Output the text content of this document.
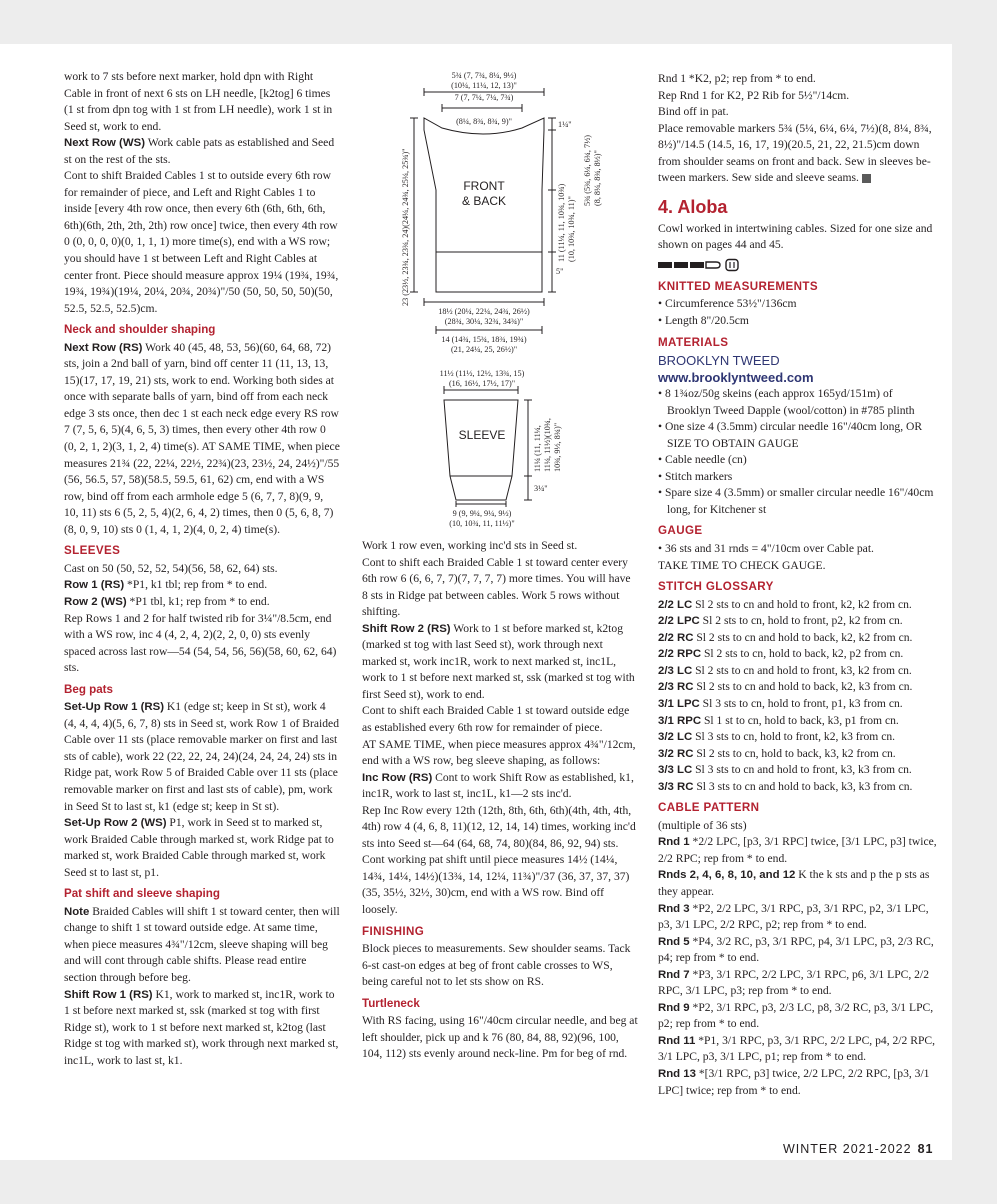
work to 7 sts before next marker, hold dpn with Right Cable in front of next 6 sts on LH needle, [k2tog] 6 times (1 st from dpn tog with 1 st from LH needle), work 1 st in Seed st, work to end.

Next Row (WS) Work cable pats as established and Seed st on the rest of the sts.

Cont to shift Braided Cables 1 st to outside every 6th row for remainder of piece, and Left and Right Cables 1 to inside [every 4th row once, then every 6th (6th, 6th, 6th, 6th)(6th, 2th, 2th, 2th) row once] twice, then every 4th row 0 (0, 0, 0, 0)(0, 1, 1, 1) more time(s), end with a WS row; you should have 1 st between Left and Right Cables at center front. Piece should measure approx 19¼ (19¾, 19¾, 19¾, 19¾)(19¼, 20¼, 20¾, 20¾)"/50 (50, 50, 50, 50)(50, 52.5, 52.5, 52.5)cm.

Neck and shoulder shaping

Next Row (RS) Work 40 (45, 48, 53, 56)(60, 64, 68, 72) sts, join a 2nd ball of yarn, bind off center 11 (11, 13, 13, 15)(17, 17, 19, 21) sts, work to end. Working both sides at once with separate balls of yarn, bind off from each neck edge 3 sts once, then dec 1 st each neck edge every RS row 7 (7, 5, 6, 5)(4, 6, 5, 3) times, then every other 4th row 0 (0, 2, 1, 2)(3, 1, 2, 4) time(s). AT SAME TIME, when piece measures 21¾ (22, 22¼, 22½, 22¾)(23, 23½, 24, 24½)"/55 (56, 56.5, 57, 58)(58.5, 59.5, 61, 62) cm, end with a WS row, bind off from each armhole edge 5 (6, 7, 7, 8)(9, 9, 10, 11) sts 6 (5, 2, 5, 4)(2, 6, 4, 2) times, then 0 (5, 6, 8, 7)(8, 0, 9, 10) sts 0 (1, 4, 1, 2)(4, 0, 2, 4) time(s).

SLEEVES

Cast on 50 (50, 52, 52, 54)(56, 58, 62, 64) sts.

Row 1 (RS) *P1, k1 tbl; rep from * to end.

Row 2 (WS) *P1 tbl, k1; rep from * to end.

Rep Rows 1 and 2 for half twisted rib for 3¼"/8.5cm, end with a WS row, inc 4 (4, 2, 4, 2)(2, 2, 0, 0) sts evenly spaced across last row—54 (54, 54, 56, 56)(58, 60, 62, 64) sts.

Beg pats

Set-Up Row 1 (RS) K1 (edge st; keep in St st), work 4 (4, 4, 4, 4)(5, 6, 7, 8) sts in Seed st, work Row 1 of Braided Cable over 11 sts (place removable marker on first and last sts of cable), work 22 (22, 22, 24, 24)(24, 24, 24, 24) sts in Ridge pat, work Row 5 of Braided Cable over 11 sts (place removable marker on first and last sts of cable), pm, work in Seed St to last st, k1 (edge st; keep in St st).

Set-Up Row 2 (WS) P1, work in Seed st to marked st, work Braided Cable through marked st, work Ridge pat to marked st, work Braided Cable through marked st, work Seed st to last st, p1.

Pat shift and sleeve shaping

Note Braided Cables will shift 1 st toward center, then will change to shift 1 st toward outside edge. At same time, when piece measures 4¾"/12cm, sleeve shaping will beg and will cont through cable shifts. Please read entire section through before beg.

Shift Row 1 (RS) K1, work to marked st, inc1R, work to 1 st before next marked st, ssk (marked st tog with first Ridge st), work to 1 st before next marked st, k2tog (last Ridge st tog with marked st), work through next marked st, inc1L, work to last st, k1.

5¾ (7, 7¾, 8¼, 9½)
(10¼, 11¼, 12, 13)"
7 (7, 7¼, 7¼, 7¾)
(8¼, 8¾, 8¾, 9)"
23 (23½, 23¾, 23¾, 24)(24¼, 24¾, 25¼, 25¾)"
1¼"
5¾ (5¾, 6¼, 6¾, 7½) (8, 8¼, 8¾, 8½)"
11 (11¼, 11, 10¾, 10¾) (10, 10¾, 10¾, 11)"
5"
FRONT
& BACK
18½ (20¼, 22¼, 24¾, 26½)
(28¾, 30¼, 32¾, 34¾)"
14 (14¾, 15¾, 18¾, 19¾)
(21, 24¼, 25, 26½)"
11½ (11½, 12½, 13¾, 15)
(16, 16½, 17½, 17)"
SLEEVE	11¼ (11, 11¼, 11¼, 11½)(10¾, 10¾, 9½, 8¾)"
3¼"
9 (9, 9¼, 9¼, 9½)
(10, 10¾, 11, 11½)"

Work 1 row even, working inc'd sts in Seed st.

Cont to shift each Braided Cable 1 st toward center every 6th row 6 (6, 6, 7, 7)(7, 7, 7, 7) more times. You will have 8 sts in Ridge pat between cables. Work 5 rows without shifting.

Shift Row 2 (RS) Work to 1 st before marked st, k2tog (marked st tog with last Seed st), work through next marked st, work inc1R, work to next marked st, inc1L, work to 1 st before next marked st, ssk (marked st tog with first Seed st), work to end.

Cont to shift each Braided Cable 1 st toward outside edge as established every 6th row for remainder of piece.

AT SAME TIME, when piece measures approx 4¾"/12cm, end with a WS row, beg sleeve shaping, as follows:

Inc Row (RS) Cont to work Shift Row as established, k1, inc1R, work to last st, inc1L, k1—2 sts inc'd.

Rep Inc Row every 12th (12th, 8th, 6th, 6th)(4th, 4th, 4th, 4th) row 4 (4, 6, 8, 11)(12, 12, 14, 14) times, working inc'd sts into Seed st—64 (64, 68, 74, 80)(84, 86, 92, 94) sts.

Cont working pat shift until piece measures 14½ (14¼, 14¾, 14¼, 14½)(13¾, 14, 12¼, 11¾)"/37 (36, 37, 37, 37)(35, 35½, 32½, 30)cm, end with a WS row. Bind off loosely.

FINISHING

Block pieces to measurements. Sew shoulder seams. Tack 6-st cast-on edges at beg of front cable crosses to WS, being careful not to let sts show on RS.

Turtleneck

With RS facing, using 16"/40cm circular needle, and beg at left shoulder, pick up and k 76 (80, 84, 88, 92)(96, 100, 104, 112) sts evenly around neck-line. Pm for beg of rnd.

Rnd 1 *K2, p2; rep from * to end.

Rep Rnd 1 for K2, P2 Rib for 5½"/14cm.

Bind off in pat.

Place removable markers 5¾ (5¼, 6¼, 6¼, 7½)(8, 8¼, 8¾, 8½)"/14.5 (14.5, 16, 17, 19)(20.5, 21, 22, 21.5)cm down from shoulder seams on front and back. Sew in sleeves be-tween markers. Sew side and sleeve seams.

4. Aloba

Cowl worked in intertwining cables. Sized for one size and shown on pages 44 and 45.

KNITTED MEASUREMENTS

• Circumference 53½"/136cm

• Length 8"/20.5cm

MATERIALS

BROOKLYN TWEED

www.brooklyntweed.com

• 8 1¾oz/50g skeins (each approx 165yd/151m) of Brooklyn Tweed Dapple (wool/cotton) in #785 plinth

• One size 4 (3.5mm) circular needle 16"/40cm long, OR SIZE TO OBTAIN GAUGE

• Cable needle (cn)

• Stitch markers

• Spare size 4 (3.5mm) or smaller circular needle 16"/40cm long, for Kitchener st

GAUGE

• 36 sts and 31 rnds = 4"/10cm over Cable pat.

TAKE TIME TO CHECK GAUGE.

STITCH GLOSSARY

2/2 LC Sl 2 sts to cn and hold to front, k2, k2 from cn.

2/2 LPC Sl 2 sts to cn, hold to front, p2, k2 from cn.

2/2 RC Sl 2 sts to cn and hold to back, k2, k2 from cn.

2/2 RPC Sl 2 sts to cn, hold to back, k2, p2 from cn.

2/3 LC Sl 2 sts to cn and hold to front, k3, k2 from cn.

2/3 RC Sl 2 sts to cn and hold to back, k2, k3 from cn.

3/1 LPC Sl 3 sts to cn, hold to front, p1, k3 from cn.

3/1 RPC Sl 1 st to cn, hold to back, k3, p1 from cn.

3/2 LC Sl 3 sts to cn, hold to front, k2, k3 from cn.

3/2 RC Sl 2 sts to cn, hold to back, k3, k2 from cn.

3/3 LC Sl 3 sts to cn and hold to front, k3, k3 from cn.

3/3 RC Sl 3 sts to cn and hold to back, k3, k3 from cn.

CABLE PATTERN

(multiple of 36 sts)

Rnd 1 *2/2 LPC, [p3, 3/1 RPC] twice, [3/1 LPC, p3] twice, 2/2 RPC; rep from * to end.

Rnds 2, 4, 6, 8, 10, and 12 K the k sts and p the p sts as they appear.

Rnd 3 *P2, 2/2 LPC, 3/1 RPC, p3, 3/1 RPC, p2, 3/1 LPC, p3, 3/1 LPC, 2/2 RPC, p2; rep from * to end.

Rnd 5 *P4, 3/2 RC, p3, 3/1 RPC, p4, 3/1 LPC, p3, 2/3 RC, p4; rep from * to end.

Rnd 7 *P3, 3/1 RPC, 2/2 LPC, 3/1 RPC, p6, 3/1 LPC, 2/2 RPC, 3/1 LPC, p3; rep from * to end.

Rnd 9 *P2, 3/1 RPC, p3, 2/3 LC, p8, 3/2 RC, p3, 3/1 LPC, p2; rep from * to end.

Rnd 11 *P1, 3/1 RPC, p3, 3/1 RPC, 2/2 LPC, p4, 2/2 RPC, 3/1 LPC, p3, 3/1 LPC, p1; rep from * to end.

Rnd 13 *[3/1 RPC, p3] twice, 2/2 LPC, 2/2 RPC, [p3, 3/1 LPC] twice; rep from * to end.

WINTER 2021-2022 81
